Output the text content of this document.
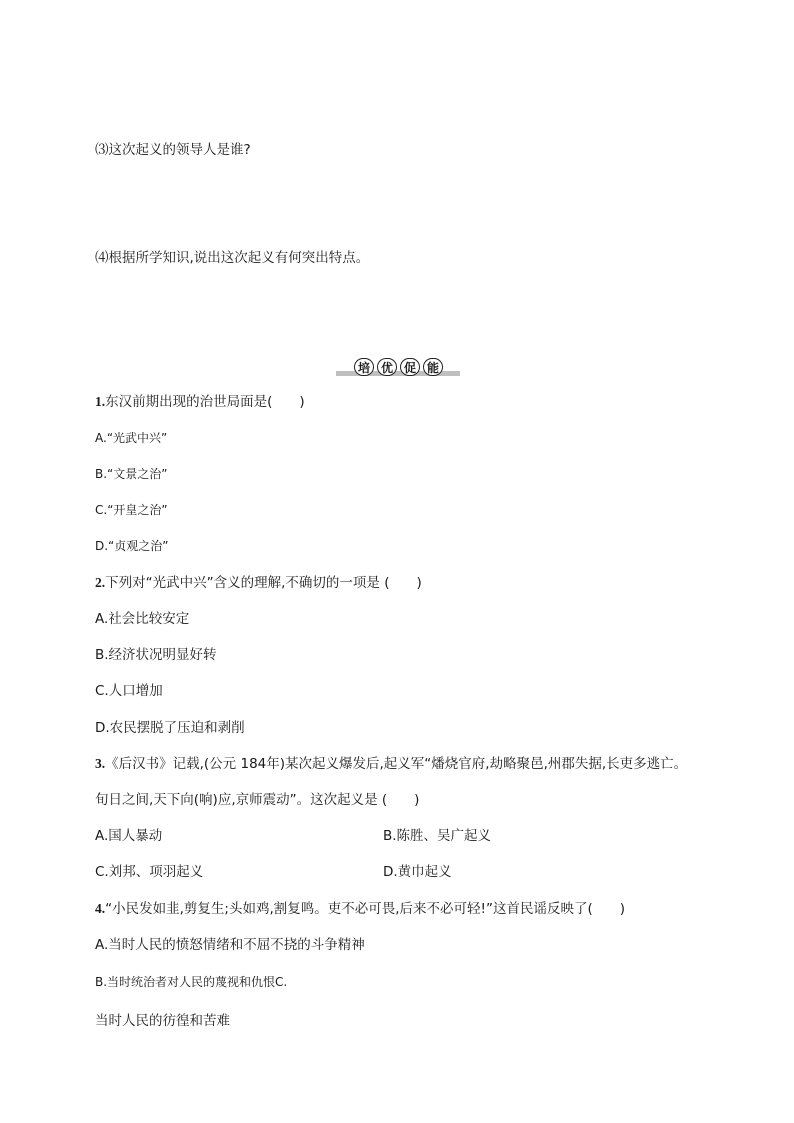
⑶这次起义的领导人是谁?
⑷根据所学知识,说出这次起义有何突出特点。
培 优 促 能
1.东汉前期出现的治世局面是(　　)
A.“光武中兴”
B.“文景之治”
C.“开皇之治”
D.“贞观之治”
2.下列对“光武中兴”含义的理解,不确切的一项是 (　　)
A.社会比较安定
B.经济状况明显好转
C.人口增加
D.农民摆脱了压迫和剥削
3.《后汉书》记载,(公元 184年)某次起义爆发后,起义军“燔烧官府,劫略聚邑,州郡失据,长吏多逃亡。
旬日之间,天下向(响)应,京师震动”。这次起义是 (　　)
A.国人暴动	B.陈胜、吴广起义
C.刘邦、项羽起义	D.黄巾起义
4.“小民发如韭,剪复生;头如鸡,割复鸣。吏不必可畏,后来不必可轻!”这首民谣反映了(　　)
A.当时人民的愤怒情绪和不屈不挠的斗争精神
B.当时统治者对人民的蔑视和仇恨C.
当时人民的彷徨和苦难
